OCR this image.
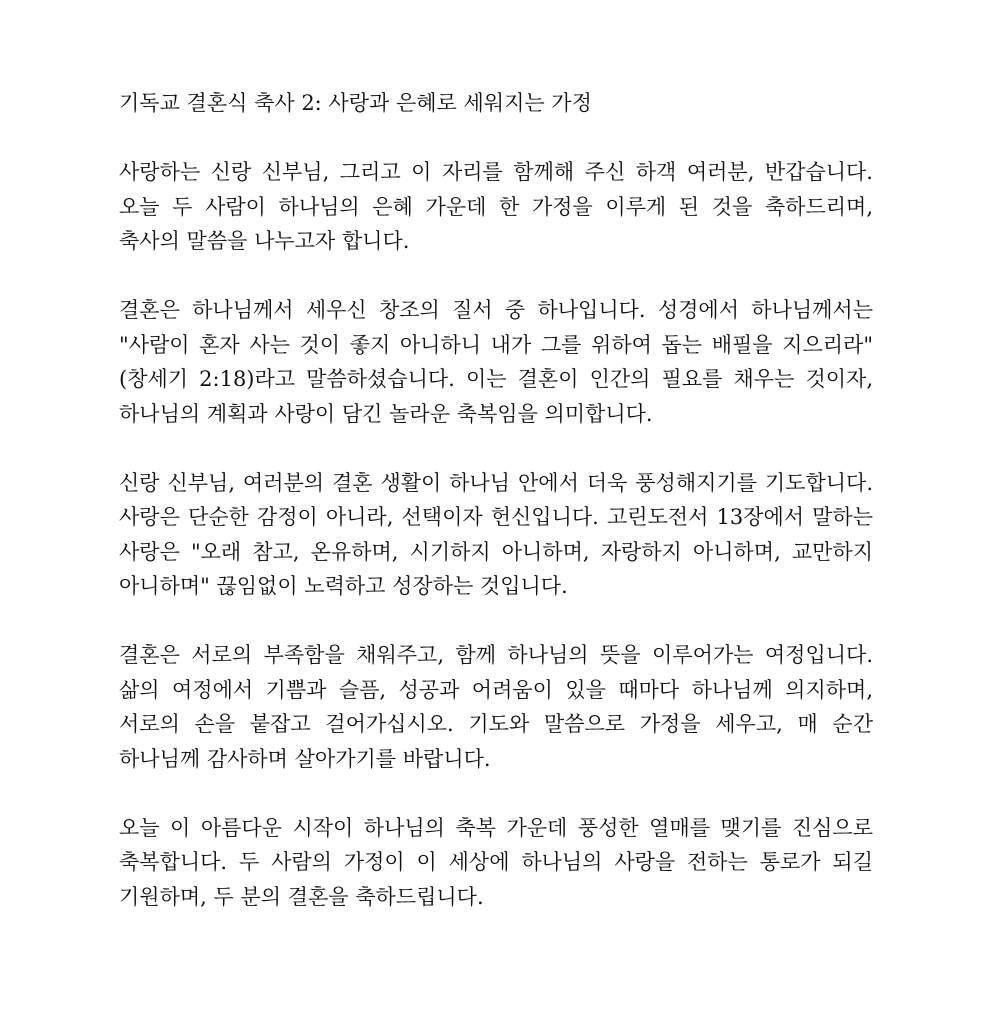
기독교 결혼식 축사 2: 사랑과 은혜로 세워지는 가정

사랑하는 신랑 신부님, 그리고 이 자리를 함께해 주신 하객 여러분, 반갑습니다. 오늘 두 사람이 하나님의 은혜 가운데 한 가정을 이루게 된 것을 축하드리며, 축사의 말씀을 나누고자 합니다.

결혼은 하나님께서 세우신 창조의 질서 중 하나입니다. 성경에서 하나님께서는 "사람이 혼자 사는 것이 좋지 아니하니 내가 그를 위하여 돕는 배필을 지으리라" (창세기 2:18)라고 말씀하셨습니다. 이는 결혼이 인간의 필요를 채우는 것이자, 하나님의 계획과 사랑이 담긴 놀라운 축복임을 의미합니다.

신랑 신부님, 여러분의 결혼 생활이 하나님 안에서 더욱 풍성해지기를 기도합니다. 사랑은 단순한 감정이 아니라, 선택이자 헌신입니다. 고린도전서 13장에서 말하는 사랑은 "오래 참고, 온유하며, 시기하지 아니하며, 자랑하지 아니하며, 교만하지 아니하며" 끊임없이 노력하고 성장하는 것입니다.

결혼은 서로의 부족함을 채워주고, 함께 하나님의 뜻을 이루어가는 여정입니다. 삶의 여정에서 기쁨과 슬픔, 성공과 어려움이 있을 때마다 하나님께 의지하며, 서로의 손을 붙잡고 걸어가십시오. 기도와 말씀으로 가정을 세우고, 매 순간 하나님께 감사하며 살아가기를 바랍니다.

오늘 이 아름다운 시작이 하나님의 축복 가운데 풍성한 열매를 맺기를 진심으로 축복합니다. 두 사람의 가정이 이 세상에 하나님의 사랑을 전하는 통로가 되길 기원하며, 두 분의 결혼을 축하드립니다.
